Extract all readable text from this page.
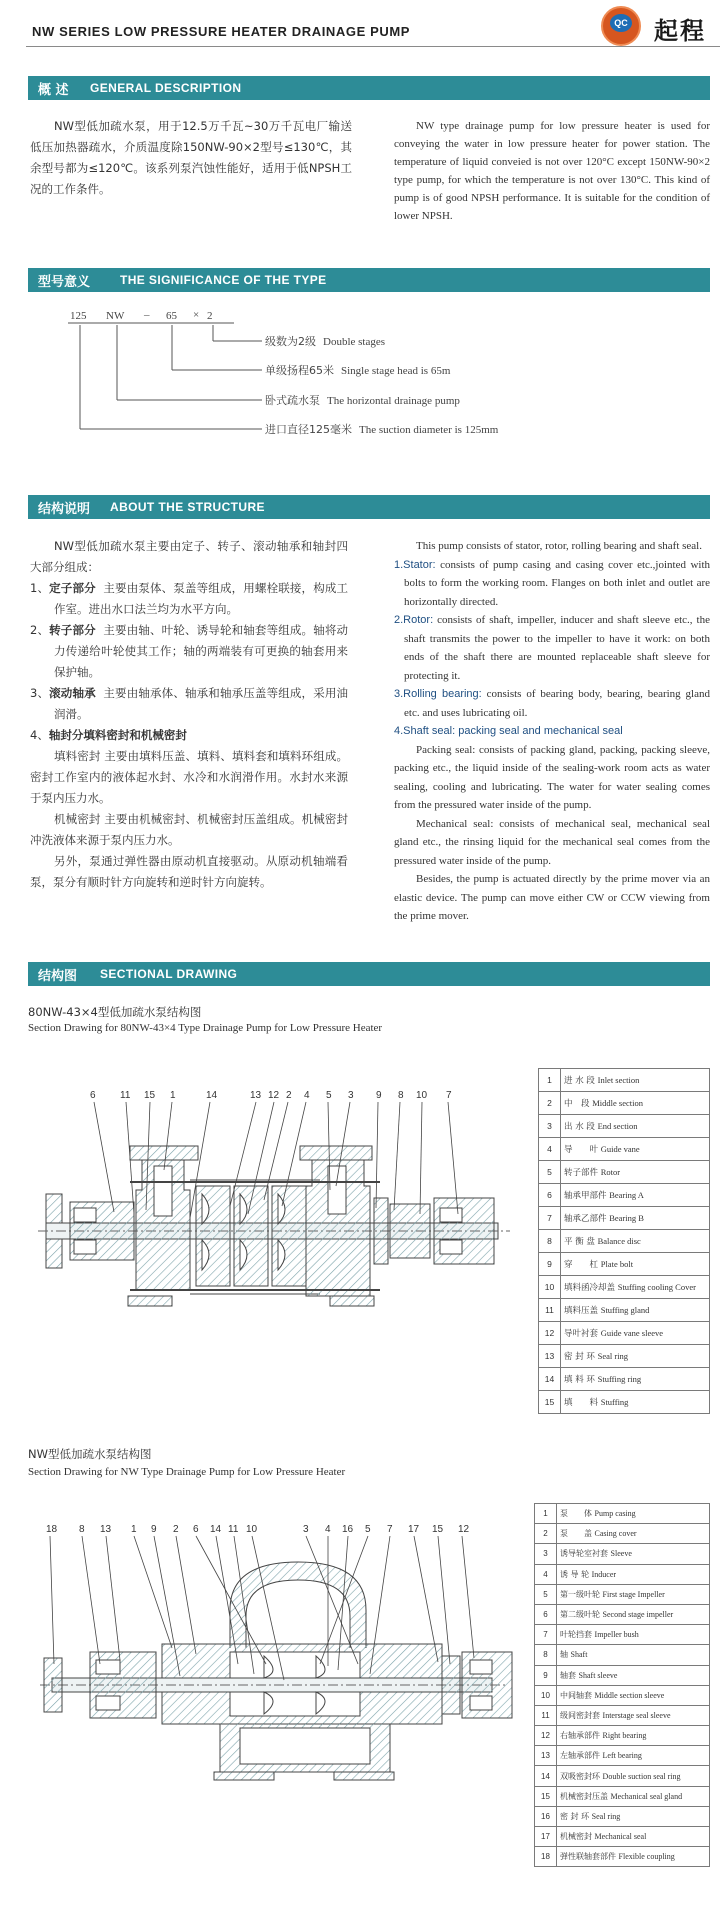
NW SERIES LOW PRESSURE HEATER DRAINAGE PUMP
QC 起程
概 述 GENERAL DESCRIPTION
NW型低加疏水泵，用于12.5万千瓦~30万千瓦电厂输送低压加热器疏水，介质温度除150NW-90×2型号≤130℃，其余型号都为≤120℃。该系列泵汽蚀性能好，适用于低NPSH工况的工作条件。
NW type drainage pump for low pressure heater is used for conveying the water in low pressure heater for power station. The temperature of liquid conveied is not over 120°C except 150NW-90×2 type pump, for which the temperature is not over 130°C. This kind of pump is of good NPSH performance. It is suitable for the condition of lower NPSH.
型号意义 THE SIGNIFICANCE OF THE TYPE
125 NW – 65 × 2
级数为2级 Double stages
单级扬程65米 Single stage head is 65m
卧式疏水泵 The horizontal drainage pump
进口直径125毫米 The suction diameter is 125mm
结构说明 ABOUT THE STRUCTURE
NW型低加疏水泵主要由定子、转子、滚动轴承和轴封四大部分组成：
1、定子部分 主要由泵体、泵盖等组成，用螺栓联接，构成工作室。进出水口法兰均为水平方向。
2、转子部分 主要由轴、叶轮、诱导轮和轴套等组成。轴将动力传递给叶轮使其工作；轴的两端装有可更换的轴套用来保护轴。
3、滚动轴承 主要由轴承体、轴承和轴承压盖等组成，采用油润滑。
4、轴封分填料密封和机械密封
填料密封 主要由填料压盖、填料、填料套和填料环组成。密封工作室内的液体起水封、水冷和水润滑作用。水封水来源于泵内压力水。
机械密封 主要由机械密封、机械密封压盖组成。机械密封冲洗液体来源于泵内压力水。
另外，泵通过弹性器由原动机直接驱动。从原动机轴端看泵，泵分有顺时针方向旋转和逆时针方向旋转。
This pump consists of stator, rotor, rolling bearing and shaft seal.
1.Stator: consists of pump casing and casing cover etc.,jointed with bolts to form the working room. Flanges on both inlet and outlet are horizontally directed.
2.Rotor: consists of shaft, impeller, inducer and shaft sleeve etc., the shaft transmits the power to the impeller to have it work: on both ends of the shaft there are mounted replaceable shaft sleeve for protecting it.
3.Rolling bearing: consists of bearing body, bearing, bearing gland etc. and uses lubricating oil.
4.Shaft seal: packing seal and mechanical seal
Packing seal: consists of packing gland, packing, packing sleeve, packing etc., the liquid inside of the sealing-work room acts as water sealing, cooling and lubricating. The water for water sealing comes from the pressured water inside of the pump.
Mechanical seal: consists of mechanical seal, mechanical seal gland etc., the rinsing liquid for the mechanical seal comes from the pressured water inside of the pump.
Besides, the pump is actuated directly by the prime mover via an elastic device. The pump can move either CW or CCW viewing from the prime mover.
结构图 SECTIONAL DRAWING
80NW-43×4型低加疏水泵结构图
Section Drawing for 80NW-43×4 Type Drainage Pump for Low Pressure Heater
6 11 15 1	14	13 12 2 4 5 3 9 8 10 7
1	进 水 段 Inlet section
2	中　段 Middle section
3	出 水 段 End section
4	导　　叶 Guide vane
5	转子部件 Rotor
6	轴承甲部件 Bearing A
7	轴承乙部件 Bearing B
8	平 衡 盘 Balance disc
9	穿　　杠 Plate bolt
10	填料函冷却盖 Stuffing cooling Cover
11	填料压盖 Stuffing gland
12	导叶衬套 Guide vane sleeve
13	密 封 环 Seal ring
14	填 料 环 Stuffing ring
15	填　　料 Stuffing
NW型低加疏水泵结构图
Section Drawing for NW Type Drainage Pump for Low Pressure Heater
18 8 13 1 9 2 6 14 11 10	3 4 16 5 7 17 15 12
1	泵　　体 Pump casing
2	泵　　盖 Casing cover
3	诱导轮室衬套 Sleeve
4	诱 导 轮 Inducer
5	第一级叶轮 First stage Impeller
6	第二级叶轮 Second stage impeller
7	叶轮挡套 Impeller bush
8	轴 Shaft
9	轴套 Shaft sleeve
10	中间轴套 Middle section sleeve
11	级间密封套 Interstage seal sleeve
12	右轴承部件 Right bearing
13	左轴承部件 Left bearing
14	双吸密封环 Double suction seal ring
15	机械密封压盖 Mechanical seal gland
16	密 封 环 Seal ring
17	机械密封 Mechanical seal
18	弹性联轴套部件 Flexible coupling
